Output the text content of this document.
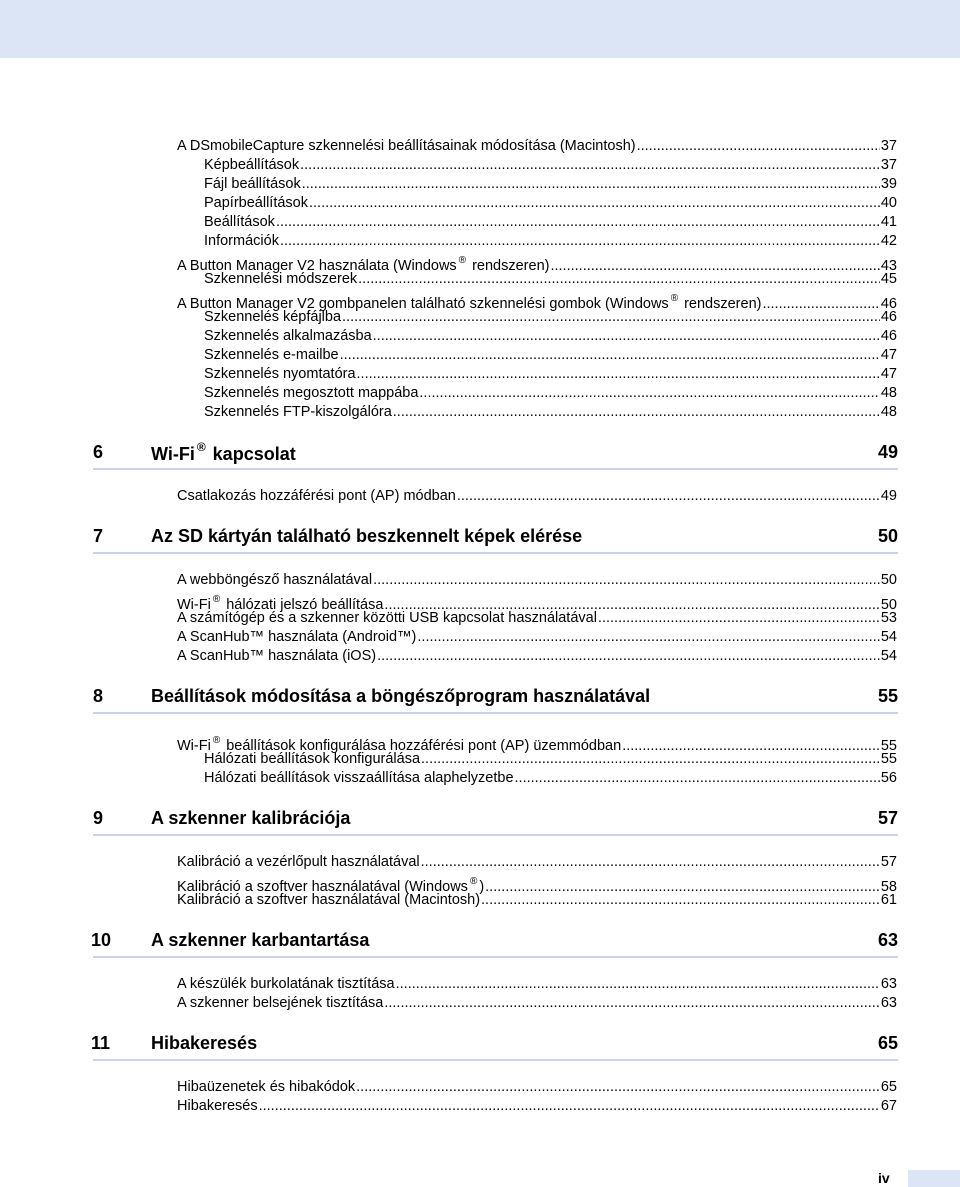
A DSmobileCapture szkennelési beállításainak módosítása (Macintosh) .....	37
Képbeállítások .....	37
Fájl beállítások .....	39
Papírbeállítások .....	40
Beállítások .....	41
Információk .....	42
A Button Manager V2 használata (Windows ® rendszeren) .....	43
Szkennelési módszerek .....	45
A Button Manager V2 gombpanelen található szkennelési gombok (Windows ® rendszeren) .....	46
Szkennelés képfájlba .....	46
Szkennelés alkalmazásba .....	46
Szkennelés e-mailbe .....	47
Szkennelés nyomtatóra .....	47
Szkennelés megosztott mappába .....	48
Szkennelés FTP-kiszolgálóra .....	48
6	Wi-Fi ® kapcsolat	49
Csatlakozás hozzáférési pont (AP) módban .....	49
7	Az SD kártyán található beszkennelt képek elérése	50
A webböngésző használatával .....	50
Wi-Fi ® hálózati jelszó beállítása .....	50
A számítógép és a szkenner közötti USB kapcsolat használatával .....	53
A ScanHub™ használata (Android™) .....	54
A ScanHub™ használata (iOS) .....	54
8	Beállítások módosítása a böngészőprogram használatával	55
Wi-Fi ® beállítások konfigurálása hozzáférési pont (AP) üzemmódban .....	55
Hálózati beállítások konfigurálása .....	55
Hálózati beállítások visszaállítása alaphelyzetbe .....	56
9	A szkenner kalibrációja	57
Kalibráció a vezérlőpult használatával .....	57
Kalibráció a szoftver használatával (Windows ® ) .....	58
Kalibráció a szoftver használatával (Macintosh) .....	61
10	A szkenner karbantartása	63
A készülék burkolatának tisztítása .....	63
A szkenner belsejének tisztítása .....	63
11	Hibakeresés	65
Hibaüzenetek és hibakódok .....	65
Hibakeresés .....	67
iv
